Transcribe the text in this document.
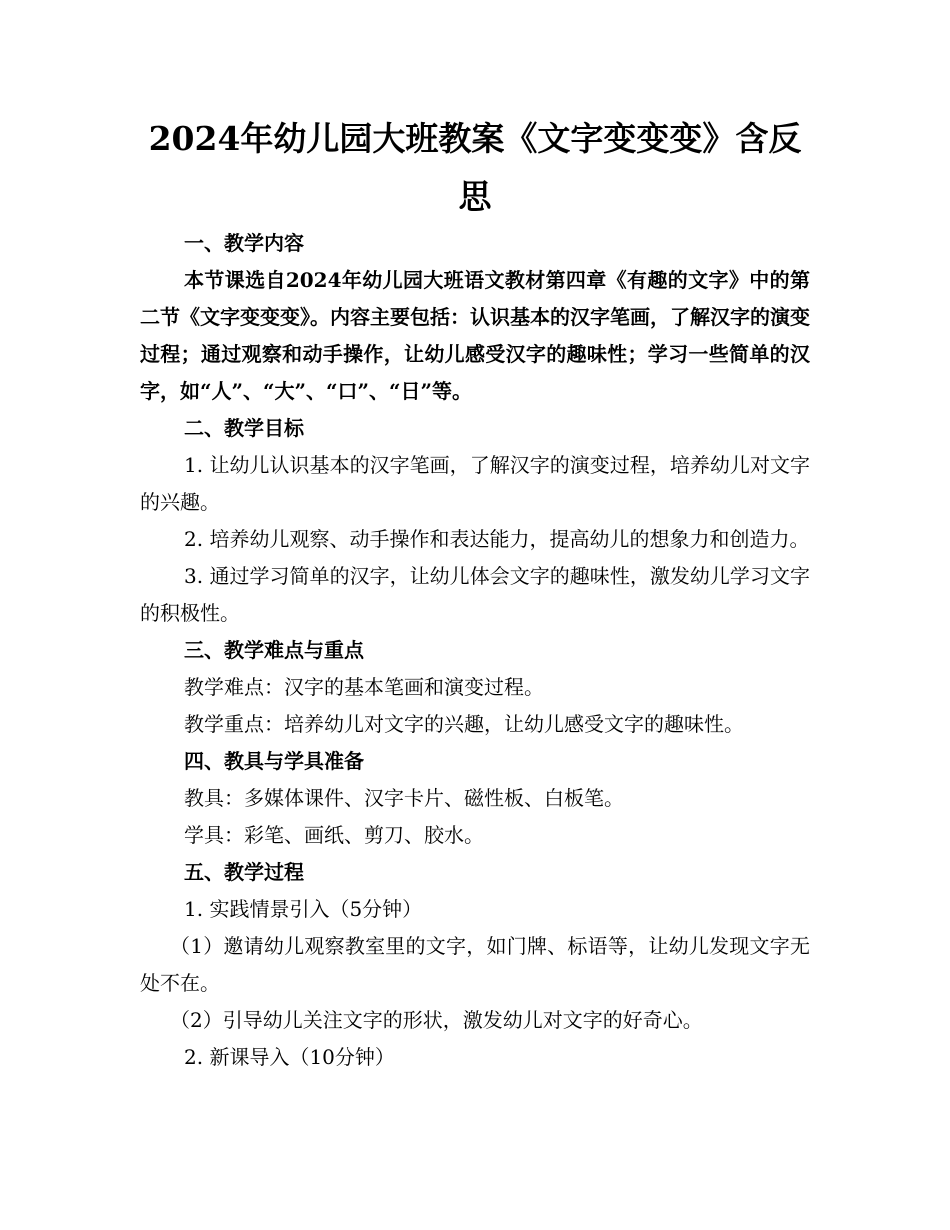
2024年幼儿园大班教案《文字变变变》含反思

一、教学内容

本节课选自2024年幼儿园大班语文教材第四章《有趣的文字》中的第二节《文字变变变》。内容主要包括：认识基本的汉字笔画，了解汉字的演变过程；通过观察和动手操作，让幼儿感受汉字的趣味性；学习一些简单的汉字，如“人”、“大”、“口”、“日”等。

二、教学目标

1. 让幼儿认识基本的汉字笔画，了解汉字的演变过程，培养幼儿对文字的兴趣。

2. 培养幼儿观察、动手操作和表达能力，提高幼儿的想象力和创造力。

3. 通过学习简单的汉字，让幼儿体会文字的趣味性，激发幼儿学习文字的积极性。

三、教学难点与重点

教学难点：汉字的基本笔画和演变过程。

教学重点：培养幼儿对文字的兴趣，让幼儿感受文字的趣味性。

四、教具与学具准备

教具：多媒体课件、汉字卡片、磁性板、白板笔。

学具：彩笔、画纸、剪刀、胶水。

五、教学过程

1. 实践情景引入（5分钟）

（1）邀请幼儿观察教室里的文字，如门牌、标语等，让幼儿发现文字无处不在。

（2）引导幼儿关注文字的形状，激发幼儿对文字的好奇心。

2. 新课导入（10分钟）
